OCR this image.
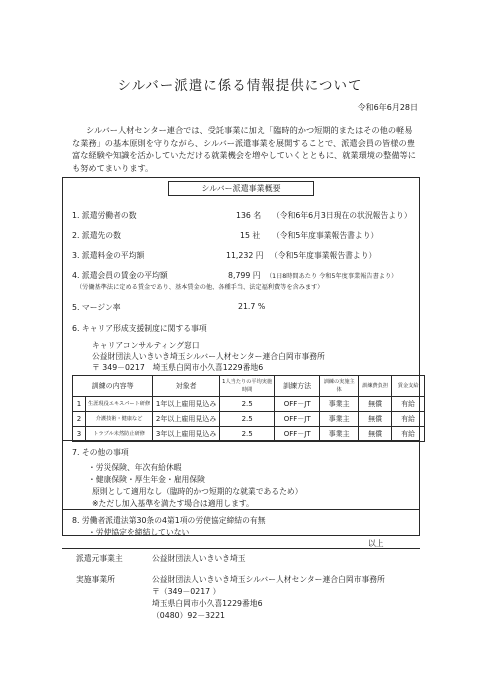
シルバー派遣に係る情報提供について
令和6年6月28日

シルバー人材センター連合では、受託事業に加え「臨時的かつ短期的またはその他の軽易な業務」の基本原則を守りながら、シルバー派遣事業を展開することで、派遣会員の皆様の豊富な経験や知識を活かしていただける就業機会を増やしていくとともに、就業環境の整備等にも努めてまいります。

シルバー派遣事業概要
1. 派遣労働者の数	136 名 （令和6年6月3日現在の状況報告より）
2. 派遣先の数	15 社 （令和5年度事業報告書より）
3. 派遣料金の平均額	11,232 円 （令和5年度事業報告書より）
4. 派遣会員の賃金の平均額	8,799 円 （1日8時間あたり 令和5年度事業報告書より）
（労働基準法に定める賃金であり、基本賃金の他、各種手当、法定福利費等を含みます）
5. マージン率	21.7 %
6. キャリア形成支援制度に関する事項
キャリアコンサルティング窓口
公益財団法人いきいき埼玉シルバー人材センター連合白岡市事務所
〒 349－0217　埼玉県白岡市小久喜1229番地6
訓練の内容等		対象者	1人当たりの平均実施時間	訓練方法	訓練の実施主体	訓練費負担	賃金支給
1	生涯現役エキスパート研修	1年以上雇用見込み	2.5	OFF－JT	事業主	無償	有給
2	介護技術・健康など	2年以上雇用見込み	2.5	OFF－JT	事業主	無償	有給
3	トラブル未然防止研修	3年以上雇用見込み	2.5	OFF－JT	事業主	無償	有給
7. その他の事項
・労災保険、年次有給休暇
・健康保険・厚生年金・雇用保険
原則として適用なし（臨時的かつ短期的な就業であるため）
※ただし加入基準を満たす場合は適用します。
8. 労働者派遣法第30条の4第1項の労使協定締結の有無
・労使協定を締結していない
以上
派遣元事業主	公益財団法人いきいき埼玉
実施事業所	公益財団法人いきいき埼玉シルバー人材センター連合白岡市事務所
〒（349－0217 ）
埼玉県白岡市小久喜1229番地6
（0480）92－3221
